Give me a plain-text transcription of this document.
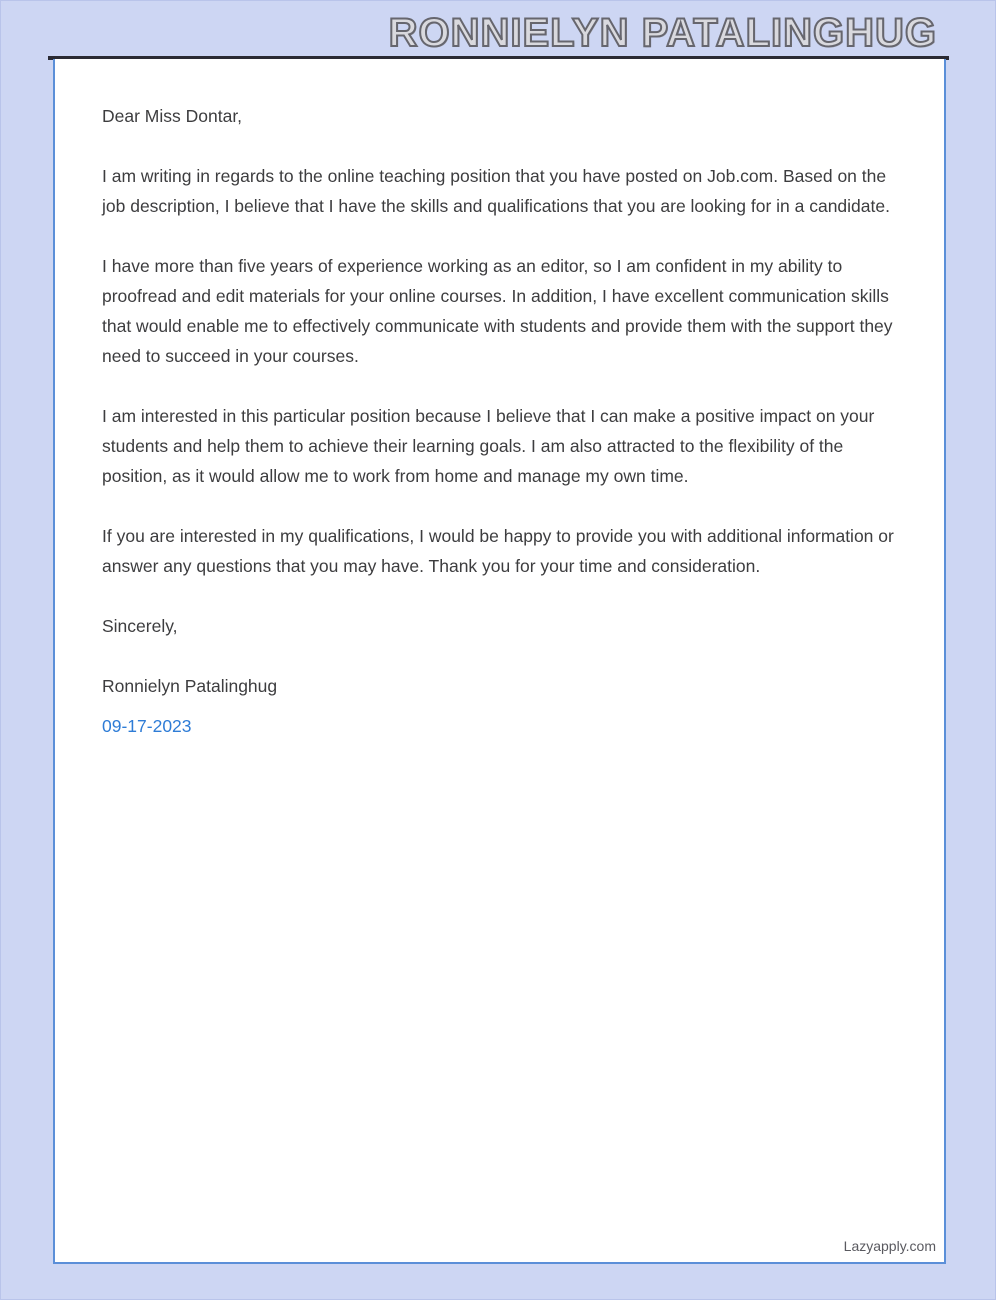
RONNIELYN PATALINGHUG
Dear Miss Dontar,
I am writing in regards to the online teaching position that you have posted on Job.com. Based on the job description, I believe that I have the skills and qualifications that you are looking for in a candidate.
I have more than five years of experience working as an editor, so I am confident in my ability to proofread and edit materials for your online courses. In addition, I have excellent communication skills that would enable me to effectively communicate with students and provide them with the support they need to succeed in your courses.
I am interested in this particular position because I believe that I can make a positive impact on your students and help them to achieve their learning goals. I am also attracted to the flexibility of the position, as it would allow me to work from home and manage my own time.
If you are interested in my qualifications, I would be happy to provide you with additional information or answer any questions that you may have. Thank you for your time and consideration.
Sincerely,
Ronnielyn Patalinghug
09-17-2023
Lazyapply.com
